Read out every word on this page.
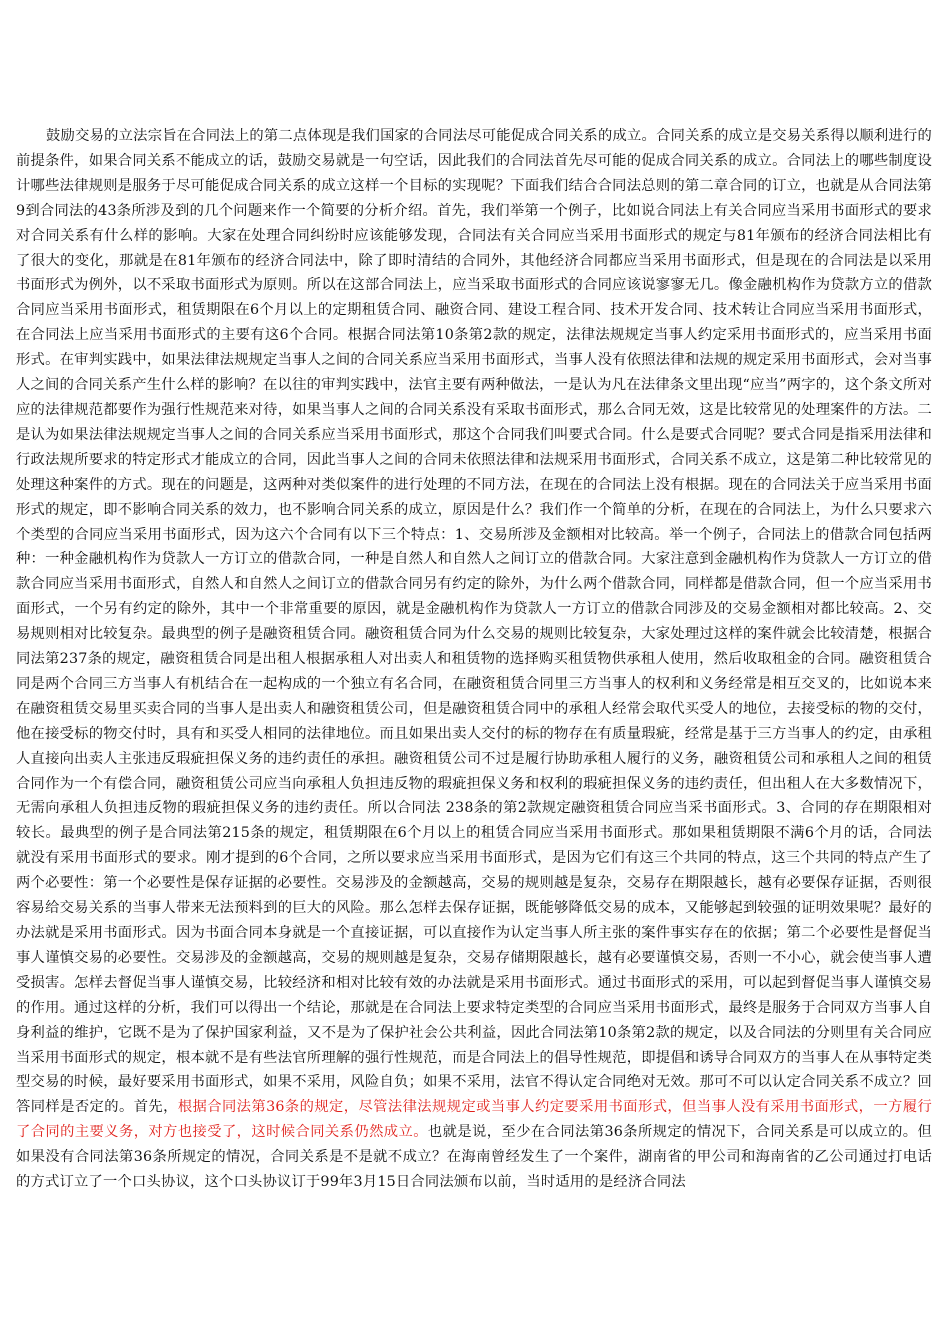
鼓励交易的立法宗旨在合同法上的第二点体现是我们国家的合同法尽可能促成合同关系的成立。合同关系的成立是交易关系得以顺利进行的前提条件，如果合同关系不能成立的话，鼓励交易就是一句空话，因此我们的合同法首先尽可能的促成合同关系的成立。合同法上的哪些制度设计哪些法律规则是服务于尽可能促成合同关系的成立这样一个目标的实现呢？下面我们结合合同法总则的第二章合同的订立，也就是从合同法第9到合同法的43条所涉及到的几个问题来作一个简要的分析介绍。首先，我们举第一个例子，比如说合同法上有关合同应当采用书面形式的要求对合同关系有什么样的影响。大家在处理合同纠纷时应该能够发现，合同法有关合同应当采用书面形式的规定与81年颁布的经济合同法相比有了很大的变化，那就是在81年颁布的经济合同法中，除了即时清结的合同外，其他经济合同都应当采用书面形式，但是现在的合同法是以采用书面形式为例外，以不采取书面形式为原则。所以在这部合同法上，应当采取书面形式的合同应该说寥寥无几。像金融机构作为贷款方立的借款合同应当采用书面形式，租赁期限在6个月以上的定期租赁合同、融资合同、建设工程合同、技术开发合同、技术转让合同应当采用书面形式，在合同法上应当采用书面形式的主要有这6个合同。根据合同法第10条第2款的规定，法律法规规定当事人约定采用书面形式的，应当采用书面形式。在审判实践中，如果法律法规规定当事人之间的合同关系应当采用书面形式，当事人没有依照法律和法规的规定采用书面形式，会对当事人之间的合同关系产生什么样的影响？在以往的审判实践中，法官主要有两种做法，一是认为凡在法律条文里出现“应当”两字的，这个条文所对应的法律规范都要作为强行性规范来对待，如果当事人之间的合同关系没有采取书面形式，那么合同无效，这是比较常见的处理案件的方法。二是认为如果法律法规规定当事人之间的合同关系应当采用书面形式，那这个合同我们叫要式合同。什么是要式合同呢？要式合同是指采用法律和行政法规所要求的特定形式才能成立的合同，因此当事人之间的合同未依照法律和法规采用书面形式，合同关系不成立，这是第二种比较常见的处理这种案件的方式。现在的问题是，这两种对类似案件的进行处理的不同方法，在现在的合同法上没有根据。现在的合同法关于应当采用书面形式的规定，即不影响合同关系的效力，也不影响合同关系的成立，原因是什么？我们作一个简单的分析，在现在的合同法上，为什么只要求六个类型的合同应当采用书面形式，因为这六个合同有以下三个特点：1、交易所涉及金额相对比较高。举一个例子，合同法上的借款合同包括两种：一种金融机构作为贷款人一方订立的借款合同，一种是自然人和自然人之间订立的借款合同。大家注意到金融机构作为贷款人一方订立的借款合同应当采用书面形式，自然人和自然人之间订立的借款合同另有约定的除外，为什么两个借款合同，同样都是借款合同，但一个应当采用书面形式，一个另有约定的除外，其中一个非常重要的原因，就是金融机构作为贷款人一方订立的借款合同涉及的交易金额相对都比较高。2、交易规则相对比较复杂。最典型的例子是融资租赁合同。融资租赁合同为什么交易的规则比较复杂，大家处理过这样的案件就会比较清楚，根据合同法第237条的规定，融资租赁合同是出租人根据承租人对出卖人和租赁物的选择购买租赁物供承租人使用，然后收取租金的合同。融资租赁合同是两个合同三方当事人有机结合在一起构成的一个独立有名合同，在融资租赁合同里三方当事人的权利和义务经常是相互交叉的，比如说本来在融资租赁交易里买卖合同的当事人是出卖人和融资租赁公司，但是融资租赁合同中的承租人经常会取代买受人的地位，去接受标的物的交付，他在接受标的物交付时，具有和买受人相同的法律地位。而且如果出卖人交付的标的物存在有质量瑕疵，经常是基于三方当事人的约定，由承租人直接向出卖人主张违反瑕疵担保义务的违约责任的承担。融资租赁公司不过是履行协助承租人履行的义务，融资租赁公司和承租人之间的租赁合同作为一个有偿合同，融资租赁公司应当向承租人负担违反物的瑕疵担保义务和权利的瑕疵担保义务的违约责任，但出租人在大多数情况下，无需向承租人负担违反物的瑕疵担保义务的违约责任。所以合同法 238条的第2款规定融资租赁合同应当采书面形式。3、合同的存在期限相对较长。最典型的例子是合同法第215条的规定，租赁期限在6个月以上的租赁合同应当采用书面形式。那如果租赁期限不满6个月的话，合同法就没有采用书面形式的要求。刚才提到的6个合同，之所以要求应当采用书面形式，是因为它们有这三个共同的特点，这三个共同的特点产生了两个必要性：第一个必要性是保存证据的必要性。交易涉及的金额越高，交易的规则越是复杂，交易存在期限越长，越有必要保存证据，否则很容易给交易关系的当事人带来无法预料到的巨大的风险。那么怎样去保存证据，既能够降低交易的成本，又能够起到较强的证明效果呢？最好的办法就是采用书面形式。因为书面合同本身就是一个直接证据，可以直接作为认定当事人所主张的案件事实存在的依据；第二个必要性是督促当事人谨慎交易的必要性。交易涉及的金额越高，交易的规则越是复杂，交易存储期限越长，越有必要谨慎交易，否则一不小心，就会使当事人遭受损害。怎样去督促当事人谨慎交易，比较经济和相对比较有效的办法就是采用书面形式。通过书面形式的采用，可以起到督促当事人谨慎交易的作用。通过这样的分析，我们可以得出一个结论，那就是在合同法上要求特定类型的合同应当采用书面形式，最终是服务于合同双方当事人自身利益的维护，它既不是为了保护国家利益，又不是为了保护社会公共利益，因此合同法第10条第2款的规定，以及合同法的分则里有关合同应当采用书面形式的规定，根本就不是有些法官所理解的强行性规范，而是合同法上的倡导性规范，即提倡和诱导合同双方的当事人在从事特定类型交易的时候，最好要采用书面形式，如果不采用，风险自负；如果不采用，法官不得认定合同绝对无效。那可不可以认定合同关系不成立？回答同样是否定的。首先，根据合同法第36条的规定，尽管法律法规规定或当事人约定要采用书面形式，但当事人没有采用书面形式，一方履行了合同的主要义务，对方也接受了，这时候合同关系仍然成立。也就是说，至少在合同法第36条所规定的情况下，合同关系是可以成立的。但如果没有合同法第36条所规定的情况，合同关系是不是就不成立？在海南曾经发生了一个案件，湖南省的甲公司和海南省的乙公司通过打电话的方式订立了一个口头协议，这个口头协议订于99年3月15日合同法颁布以前，当时适用的是经济合同法
